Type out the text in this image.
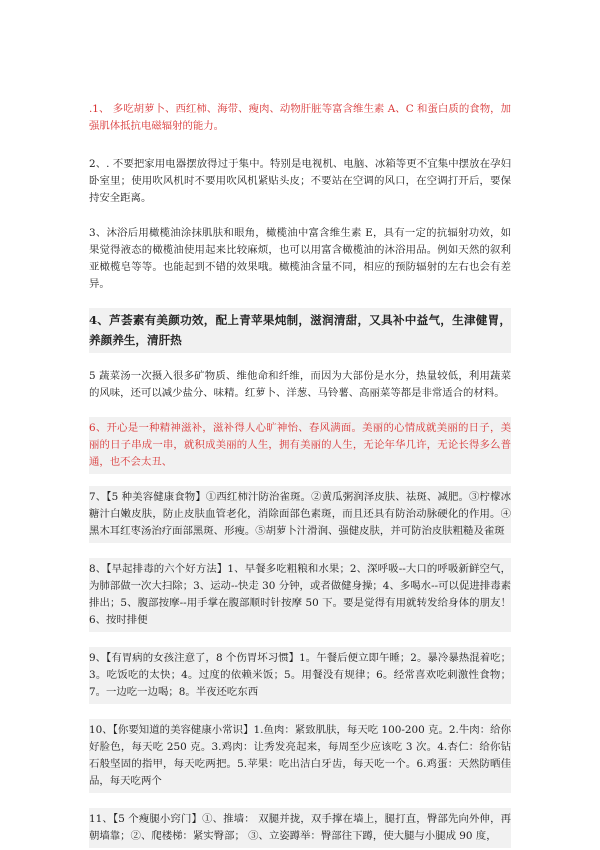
.1、 多吃胡萝卜、西红柿、海带、瘦肉、动物肝脏等富含维生素 A、C 和蛋白质的食物，加强肌体抵抗电磁辐射的能力。
2、. 不要把家用电器摆放得过于集中。特别是电视机、电脑、冰箱等更不宜集中摆放在孕妇卧室里；使用吹风机时不要用吹风机紧贴头皮；不要站在空调的风口，在空调打开后，要保持安全距离。
3、沐浴后用橄榄油涂抹肌肤和眼角，橄榄油中富含维生素 E，具有一定的抗辐射功效，如果觉得液态的橄榄油使用起来比较麻烦，也可以用富含橄榄油的沐浴用品。例如天然的叙利亚橄榄皂等等。也能起到不错的效果哦。橄榄油含量不同，相应的预防辐射的左右也会有差异。
4、芦荟素有美颜功效，配上青苹果炖制，滋润清甜，又具补中益气，生津健胃，养颜养生，清肝热
5 蔬菜汤一次摄入很多矿物质、维他命和纤维，而因为大部份是水分，热量较低，利用蔬菜的风味，还可以减少盐分、味精。红萝卜、洋葱、马铃薯、高丽菜等都是非常适合的材料。
6、开心是一种精神滋补，滋补得人心旷神怡、春风满面。美丽的心情成就美丽的日子，美丽的日子串成一串，就积成美丽的人生，拥有美丽的人生，无论年华几许，无论长得多么普通，也不会太丑、
7、【5 种美容健康食物】①西红柿汁防治雀斑。②黄瓜粥润泽皮肤、祛斑、减肥。③柠檬冰糖汁白嫩皮肤，防止皮肤血管老化，消除面部色素斑，而且还具有防治动脉硬化的作用。④黑木耳红枣汤治疗面部黑斑、形瘦。⑤胡萝卜汁滑润、强健皮肤，并可防治皮肤粗糙及雀斑
8、【早起排毒的六个好方法】1、早餐多吃粗粮和水果；2、深呼吸--大口的呼吸新鲜空气，为肺部做一次大扫除；3、运动--快走 30 分钟，或者做健身操；4、多喝水--可以促进排毒素排出；5、腹部按摩--用手掌在腹部顺时针按摩 50 下。要是觉得有用就转发给身体的朋友！6、按时排便
9、【有胃病的女孩注意了，8 个伤胃坏习惯】1。午餐后便立即午睡；2。暴冷暴热混着吃；3。吃饭吃的太快；4。过度的依赖米饭；5。用餐没有规律；6。经常喜欢吃刺激性食物；7。一边吃一边喝；8。半夜还吃东西
10、【你要知道的美容健康小常识】1.鱼肉：紧致肌肤，每天吃 100-200 克。2.牛肉：给你好脸色，每天吃 250 克。3.鸡肉：让秀发亮起来，每周至少应该吃 3 次。4.杏仁：给你钻石般坚固的指甲，每天吃两把。5.苹果：吃出洁白牙齿，每天吃一个。6.鸡蛋：天然防晒佳品，每天吃两个
11、【5 个瘦腿小窍门】①、推墙： 双腿并拢，双手撑在墙上，腿打直，臀部先向外伸，再朝墙靠；②、爬楼梯：紧实臀部； ③、立姿蹲举：臀部往下蹲，使大腿与小腿成 90 度，
